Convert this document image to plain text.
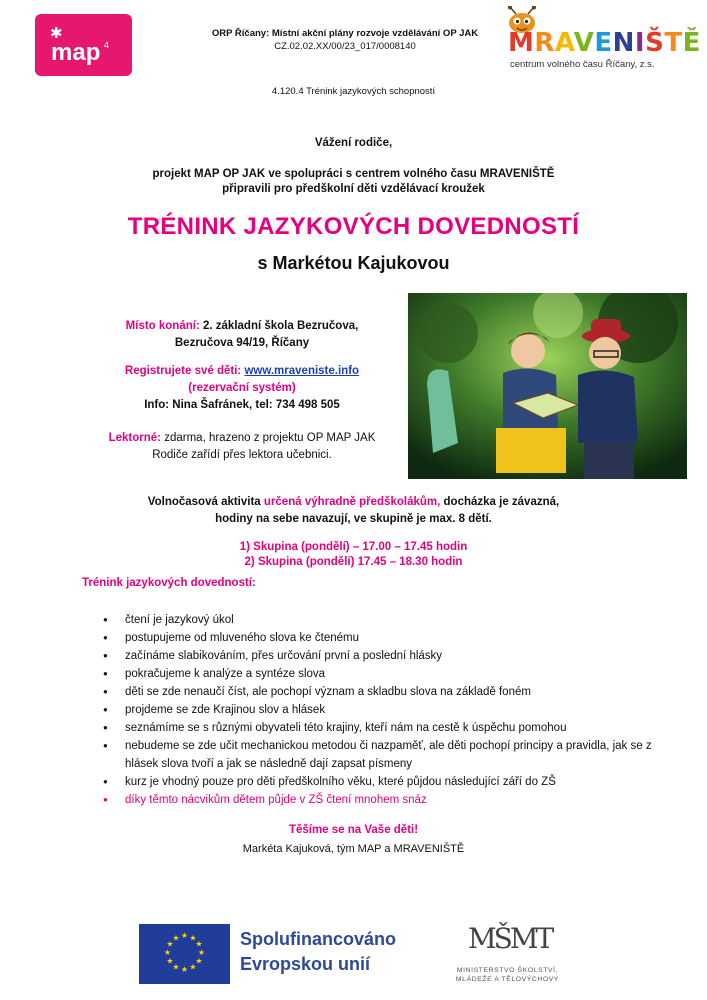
✱
map 4
ORP Říčany: Místní akční plány rozvoje vzdělávání OP JAK
CZ.02.02.XX/00/23_017/0008140	MRAVENIŠTĚ
centrum volného času Říčany, z.s.
4.120.4 Trénink jazykových schopností
Vážení rodiče,
projekt MAP OP JAK ve spolupráci s centrem volného času MRAVENIŠTĚ
připravili pro předškolní děti vzdělávací kroužek
TRÉNINK JAZYKOVÝCH DOVEDNOSTÍ
s Markétou Kajukovou
Místo konání: 2. základní škola Bezručova,
Bezručova 94/19, Říčany
Registrujete své děti: www.mraveniste.info
(rezervační systém)
Info: Nina Šafránek, tel: 734 498 505
Lektorné: zdarma, hrazeno z projektu OP MAP JAK
Rodiče zařídí přes lektora učebnici.
Volnočasová aktivita určená výhradně předškolákům, docházka je závazná,
hodiny na sebe navazují, ve skupině je max. 8 dětí.
1) Skupina (pondělí) – 17.00 – 17.45 hodin
2) Skupina (pondělí) 17.45 – 18.30 hodin
Trénink jazykových dovedností:
● čtení je jazykový úkol
● postupujeme od mluveného slova ke čtenému
● začínáme slabikováním, přes určování první a poslední hlásky
● pokračujeme k analýze a syntéze slova
● děti se zde nenaučí číst, ale pochopí význam a skladbu slova na základě foném
● projdeme se zde Krajinou slov a hlásek
● seznámíme se s různými obyvateli této krajiny, kteří nám na cestě k úspěchu pomohou
● nebudeme se zde učit mechanickou metodou či nazpaměť, ale děti pochopí principy a pravidla, jak se z hlásek slova tvoří a jak se následně dají zapsat písmeny
● kurz je vhodný pouze pro děti předškolního věku, které půjdou následující září do ZŠ
● díky těmto nácvikům dětem půjde v ZŠ čtení mnohem snáz
Těšíme se na Vaše děti!
Markéta Kajuková, tým MAP a MRAVENIŠTĚ
★ ★
★
★
★
★
★
★
★
★
★
★	Spolufinancováno
Evropskou unií
MŠMT
MINISTERSTVO ŠKOLSTVÍ,
MLÁDEŽE A TĚLOVÝCHOVY
